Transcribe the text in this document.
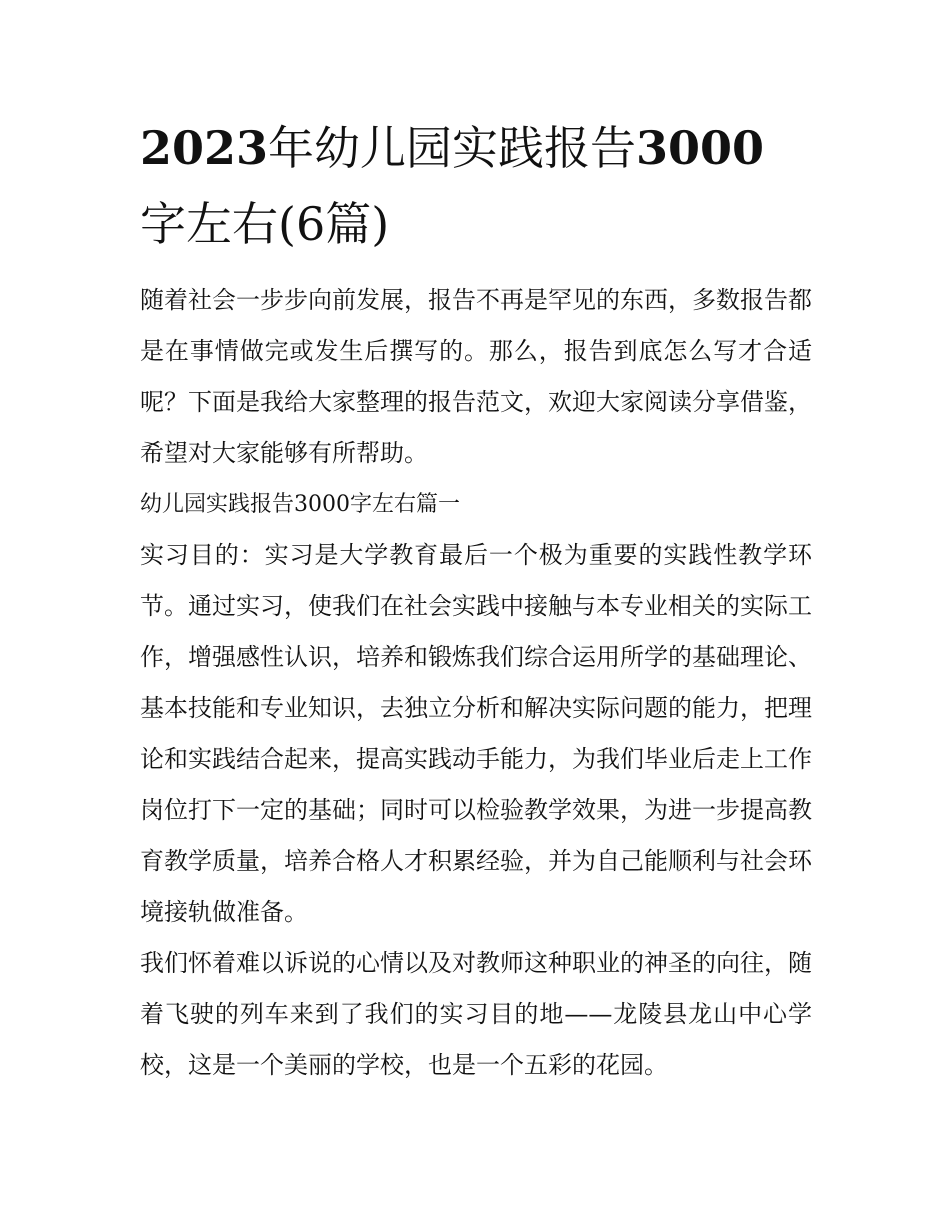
2023年幼儿园实践报告3000
字左右(6篇)

随着社会一步步向前发展，报告不再是罕见的东西，多数报告都是在事情做完或发生后撰写的。那么，报告到底怎么写才合适呢？下面是我给大家整理的报告范文，欢迎大家阅读分享借鉴，希望对大家能够有所帮助。

幼儿园实践报告3000字左右篇一

实习目的：实习是大学教育最后一个极为重要的实践性教学环节。通过实习，使我们在社会实践中接触与本专业相关的实际工作，增强感性认识，培养和锻炼我们综合运用所学的基础理论、基本技能和专业知识，去独立分析和解决实际问题的能力，把理论和实践结合起来，提高实践动手能力，为我们毕业后走上工作岗位打下一定的基础；同时可以检验教学效果，为进一步提高教育教学质量，培养合格人才积累经验，并为自己能顺利与社会环境接轨做准备。

我们怀着难以诉说的心情以及对教师这种职业的神圣的向往，随着飞驶的列车来到了我们的实习目的地——龙陵县龙山中心学校，这是一个美丽的学校，也是一个五彩的花园。
